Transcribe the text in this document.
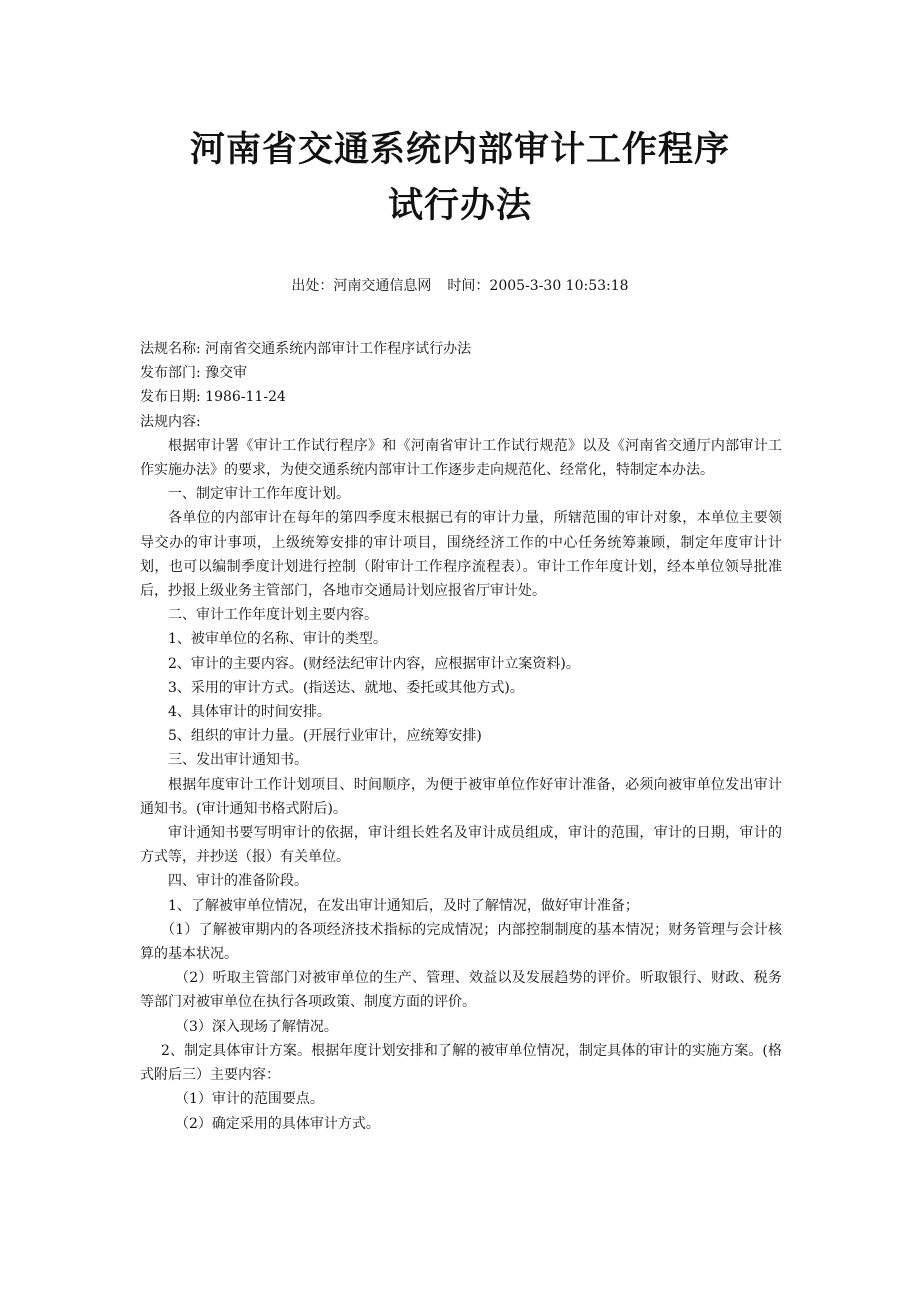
河南省交通系统内部审计工作程序
试行办法
出处：河南交通信息网 时间：2005-3-30 10:53:18

法规名称: 河南省交通系统内部审计工作程序试行办法

发布部门: 豫交审

发布日期: 1986-11-24

法规内容:

根据审计署《审计工作试行程序》和《河南省审计工作试行规范》以及《河南省交通厅内部审计工作实施办法》的要求，为使交通系统内部审计工作逐步走向规范化、经常化，特制定本办法。

一、制定审计工作年度计划。

各单位的内部审计在每年的第四季度末根据已有的审计力量，所辖范围的审计对象，本单位主要领导交办的审计事项，上级统筹安排的审计项目，围绕经济工作的中心任务统筹兼顾，制定年度审计计划，也可以编制季度计划进行控制（附审计工作程序流程表）。审计工作年度计划，经本单位领导批准后，抄报上级业务主管部门，各地市交通局计划应报省厅审计处。

二、审计工作年度计划主要内容。

1、被审单位的名称、审计的类型。

2、审计的主要内容。(财经法纪审计内容，应根据审计立案资料)。

3、采用的审计方式。(指送达、就地、委托或其他方式)。

4、具体审计的时间安排。

5、组织的审计力量。(开展行业审计，应统筹安排)

三、发出审计通知书。

根据年度审计工作计划项目、时间顺序，为便于被审单位作好审计准备，必须向被审单位发出审计通知书。(审计通知书格式附后)。

审计通知书要写明审计的依据，审计组长姓名及审计成员组成，审计的范围，审计的日期，审计的方式等，并抄送（报）有关单位。

四、审计的准备阶段。

1、了解被审单位情况，在发出审计通知后，及时了解情况，做好审计准备；

（1）了解被审期内的各项经济技术指标的完成情况；内部控制制度的基本情况；财务管理与会计核算的基本状况。

（2）听取主管部门对被审单位的生产、管理、效益以及发展趋势的评价。听取银行、财政、税务等部门对被审单位在执行各项政策、制度方面的评价。

（3）深入现场了解情况。

2、制定具体审计方案。根据年度计划安排和了解的被审单位情况，制定具体的审计的实施方案。(格式附后三）主要内容：

（1）审计的范围要点。

（2）确定采用的具体审计方式。
